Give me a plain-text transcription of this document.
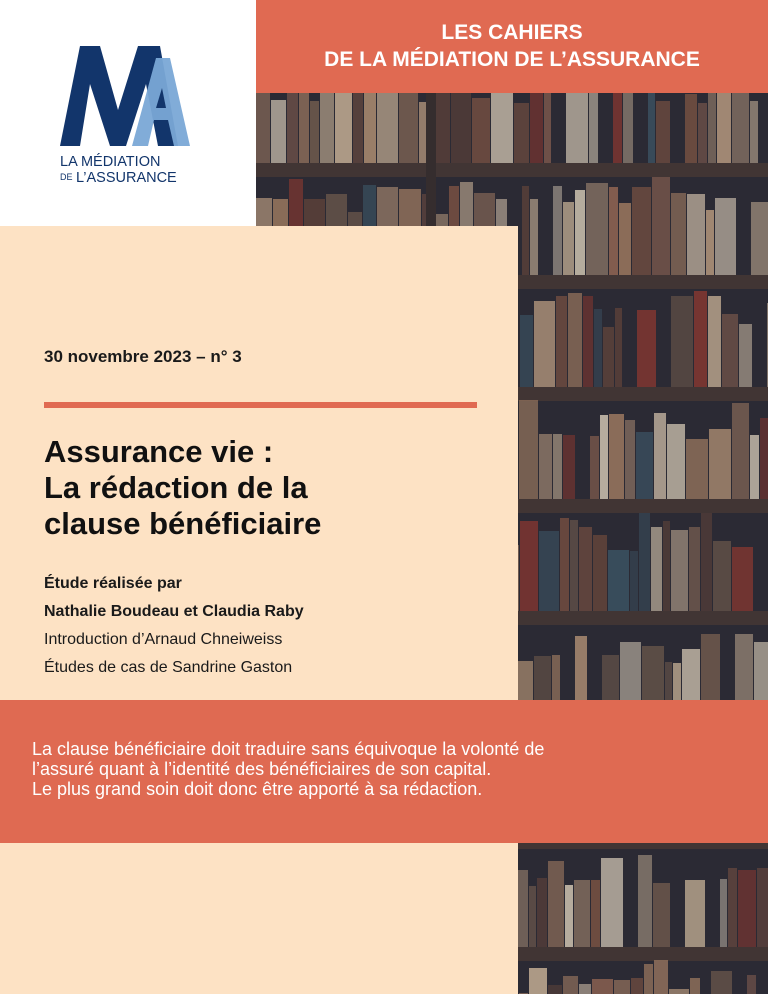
LES CAHIERS
DE LA MÉDIATION DE L’ASSURANCE
LA MÉDIATION
DE L’ASSURANCE
30 novembre 2023 – n° 3
Assurance vie :
La rédaction de la
clause bénéficiaire
Étude réalisée par
Nathalie Boudeau et Claudia Raby
Introduction d’Arnaud Chneiweiss
Études de cas de Sandrine Gaston
La clause bénéficiaire doit traduire sans équivoque la volonté de
l’assuré quant à l’identité des bénéficiaires de son capital.
Le plus grand soin doit donc être apporté à sa rédaction.
